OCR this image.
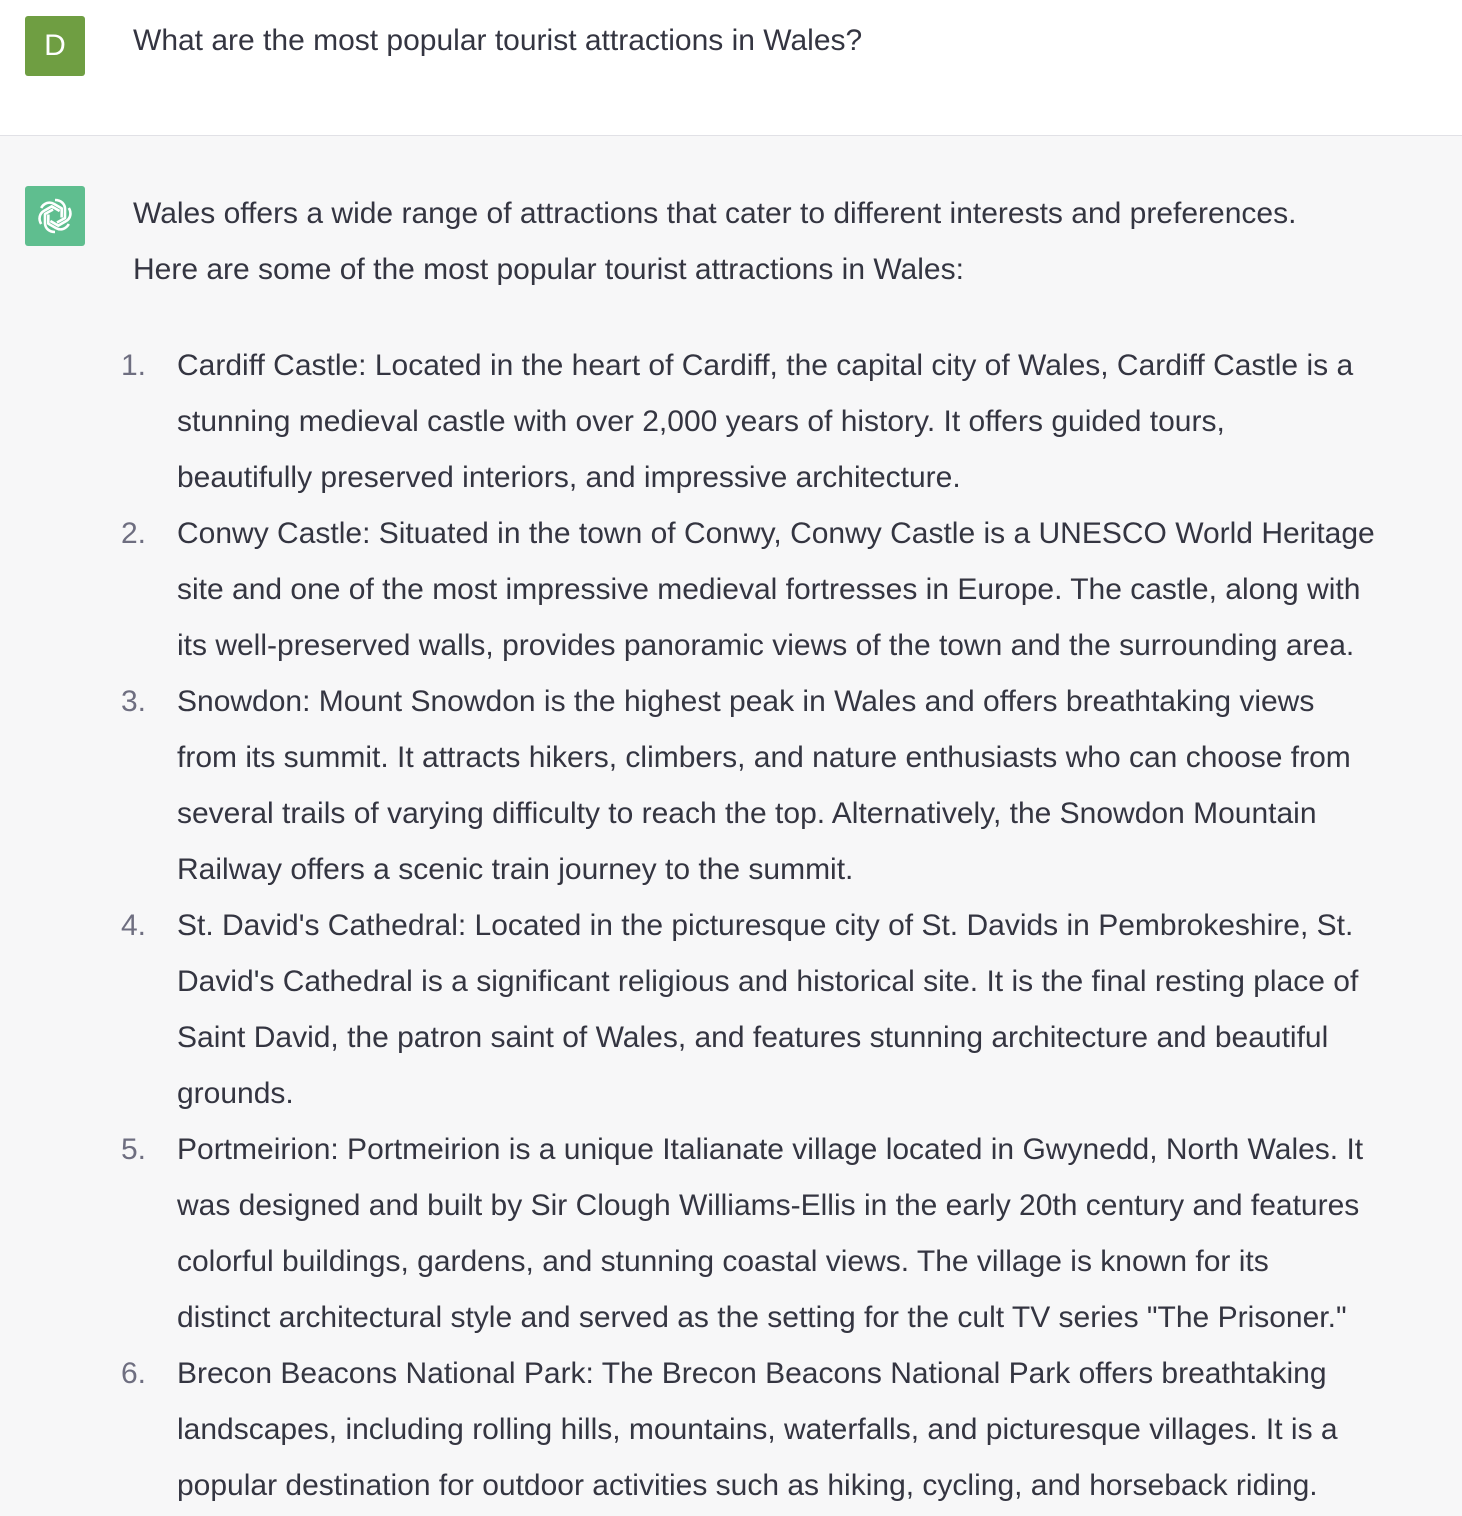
D	What are the most popular tourist attractions in Wales?
Wales offers a wide range of attractions that cater to different interests and preferences.
Here are some of the most popular tourist attractions in Wales:
1.	Cardiff Castle: Located in the heart of Cardiff, the capital city of Wales, Cardiff Castle is a
stunning medieval castle with over 2,000 years of history. It offers guided tours,
beautifully preserved interiors, and impressive architecture.
2.	Conwy Castle: Situated in the town of Conwy, Conwy Castle is a UNESCO World Heritage
site and one of the most impressive medieval fortresses in Europe. The castle, along with
its well-preserved walls, provides panoramic views of the town and the surrounding area.
3.	Snowdon: Mount Snowdon is the highest peak in Wales and offers breathtaking views
from its summit. It attracts hikers, climbers, and nature enthusiasts who can choose from
several trails of varying difficulty to reach the top. Alternatively, the Snowdon Mountain
Railway offers a scenic train journey to the summit.
4.	St. David's Cathedral: Located in the picturesque city of St. Davids in Pembrokeshire, St.
David's Cathedral is a significant religious and historical site. It is the final resting place of
Saint David, the patron saint of Wales, and features stunning architecture and beautiful
grounds.
5.	Portmeirion: Portmeirion is a unique Italianate village located in Gwynedd, North Wales. It
was designed and built by Sir Clough Williams-Ellis in the early 20th century and features
colorful buildings, gardens, and stunning coastal views. The village is known for its
distinct architectural style and served as the setting for the cult TV series "The Prisoner."
6.	Brecon Beacons National Park: The Brecon Beacons National Park offers breathtaking
landscapes, including rolling hills, mountains, waterfalls, and picturesque villages. It is a
popular destination for outdoor activities such as hiking, cycling, and horseback riding.
